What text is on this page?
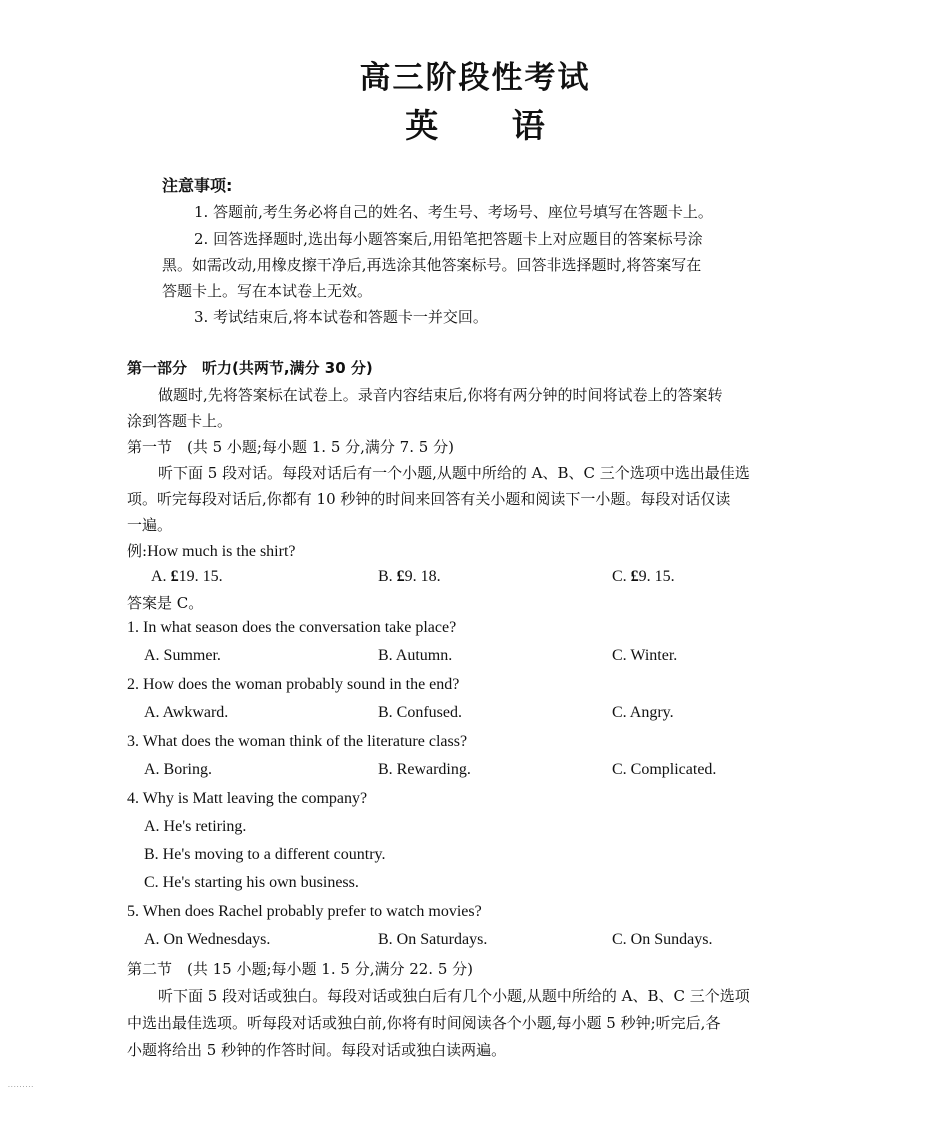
高三阶段性考试
英 语
注意事项:
1. 答题前,考生务必将自己的姓名、考生号、考场号、座位号填写在答题卡上。
2. 回答选择题时,选出每小题答案后,用铅笔把答题卡上对应题目的答案标号涂
黑。如需改动,用橡皮擦干净后,再选涂其他答案标号。回答非选择题时,将答案写在
答题卡上。写在本试卷上无效。
3. 考试结束后,将本试卷和答题卡一并交回。
第一部分　听力(共两节,满分 30 分)
做题时,先将答案标在试卷上。录音内容结束后,你将有两分钟的时间将试卷上的答案转
涂到答题卡上。
第一节　(共 5 小题;每小题 1. 5 分,满分 7. 5 分)
听下面 5 段对话。每段对话后有一个小题,从题中所给的 A、B、C 三个选项中选出最佳选
项。听完每段对话后,你都有 10 秒钟的时间来回答有关小题和阅读下一小题。每段对话仅读
一遍。
例:How much is the shirt?
A. £19. 15.	B. £9. 18.	C. £9. 15.
答案是 C。
1. In what season does the conversation take place?
A. Summer.	B. Autumn.	C. Winter.
2. How does the woman probably sound in the end?
A. Awkward.	B. Confused.	C. Angry.
3. What does the woman think of the literature class?
A. Boring.	B. Rewarding.	C. Complicated.
4. Why is Matt leaving the company?
A. He's retiring.
B. He's moving to a different country.
C. He's starting his own business.
5. When does Rachel probably prefer to watch movies?
A. On Wednesdays.	B. On Saturdays.	C. On Sundays.
第二节　(共 15 小题;每小题 1. 5 分,满分 22. 5 分)
听下面 5 段对话或独白。每段对话或独白后有几个小题,从题中所给的 A、B、C 三个选项
中选出最佳选项。听每段对话或独白前,你将有时间阅读各个小题,每小题 5 秒钟;听完后,各
小题将给出 5 秒钟的作答时间。每段对话或独白读两遍。
·········
